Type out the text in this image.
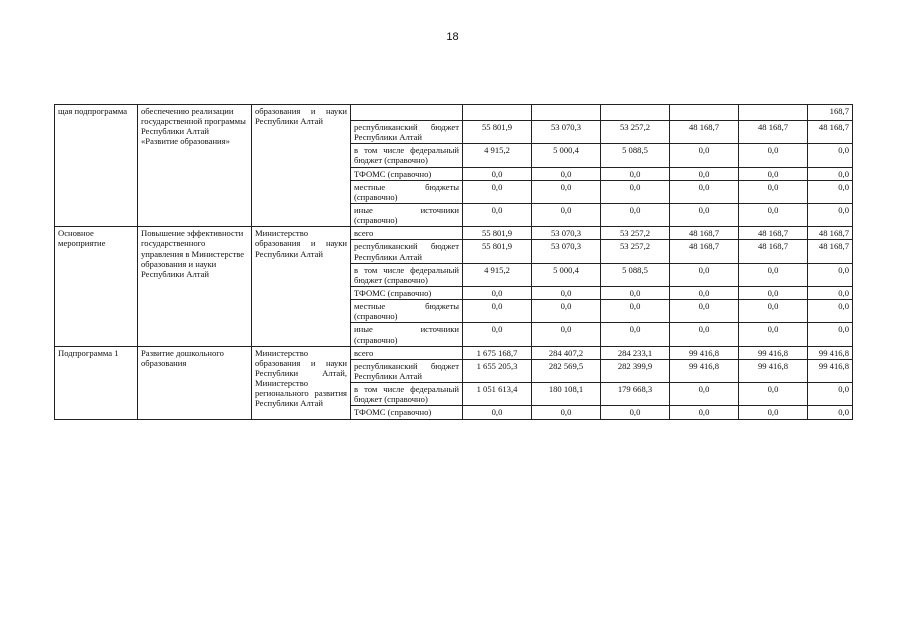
18
щая подпрограмма	обеспечению реализации государственной программы Республики Алтай «Развитие образования»	образования и науки Республики Алтай							168,7
			республиканский бюджет Республики Алтай	55 801,9	53 070,3	53 257,2	48 168,7	48 168,7	48 168,7
			в том числе федеральный бюджет (справочно)	4 915,2	5 000,4	5 088,5	0,0	0,0	0,0
			ТФОМС (справочно)	0,0	0,0	0,0	0,0	0,0	0,0
			местные бюджеты (справочно)	0,0	0,0	0,0	0,0	0,0	0,0
			иные источники (справочно)	0,0	0,0	0,0	0,0	0,0	0,0
Основное мероприятие	Повышение эффективности государственного управления в Министерстве образования и науки Республики Алтай	Министерство образования и науки Республики Алтай	всего	55 801,9	53 070,3	53 257,2	48 168,7	48 168,7	48 168,7
			республиканский бюджет Республики Алтай	55 801,9	53 070,3	53 257,2	48 168,7	48 168,7	48 168,7
			в том числе федеральный бюджет (справочно)	4 915,2	5 000,4	5 088,5	0,0	0,0	0,0
			ТФОМС (справочно)	0,0	0,0	0,0	0,0	0,0	0,0
			местные бюджеты (справочно)	0,0	0,0	0,0	0,0	0,0	0,0
			иные источники (справочно)	0,0	0,0	0,0	0,0	0,0	0,0
Подпрограмма 1	Развитие дошкольного образования	Министерство образования и науки Республики Алтай, Министерство регионального развития Республики Алтай	всего	1 675 168,7	284 407,2	284 233,1	99 416,8	99 416,8	99 416,8
			республиканский бюджет Республики Алтай	1 655 205,3	282 569,5	282 399,9	99 416,8	99 416,8	99 416,8
			в том числе федеральный бюджет (справочно)	1 051 613,4	180 108,1	179 668,3	0,0	0,0	0,0
			ТФОМС (справочно)	0,0	0,0	0,0	0,0	0,0	0,0
